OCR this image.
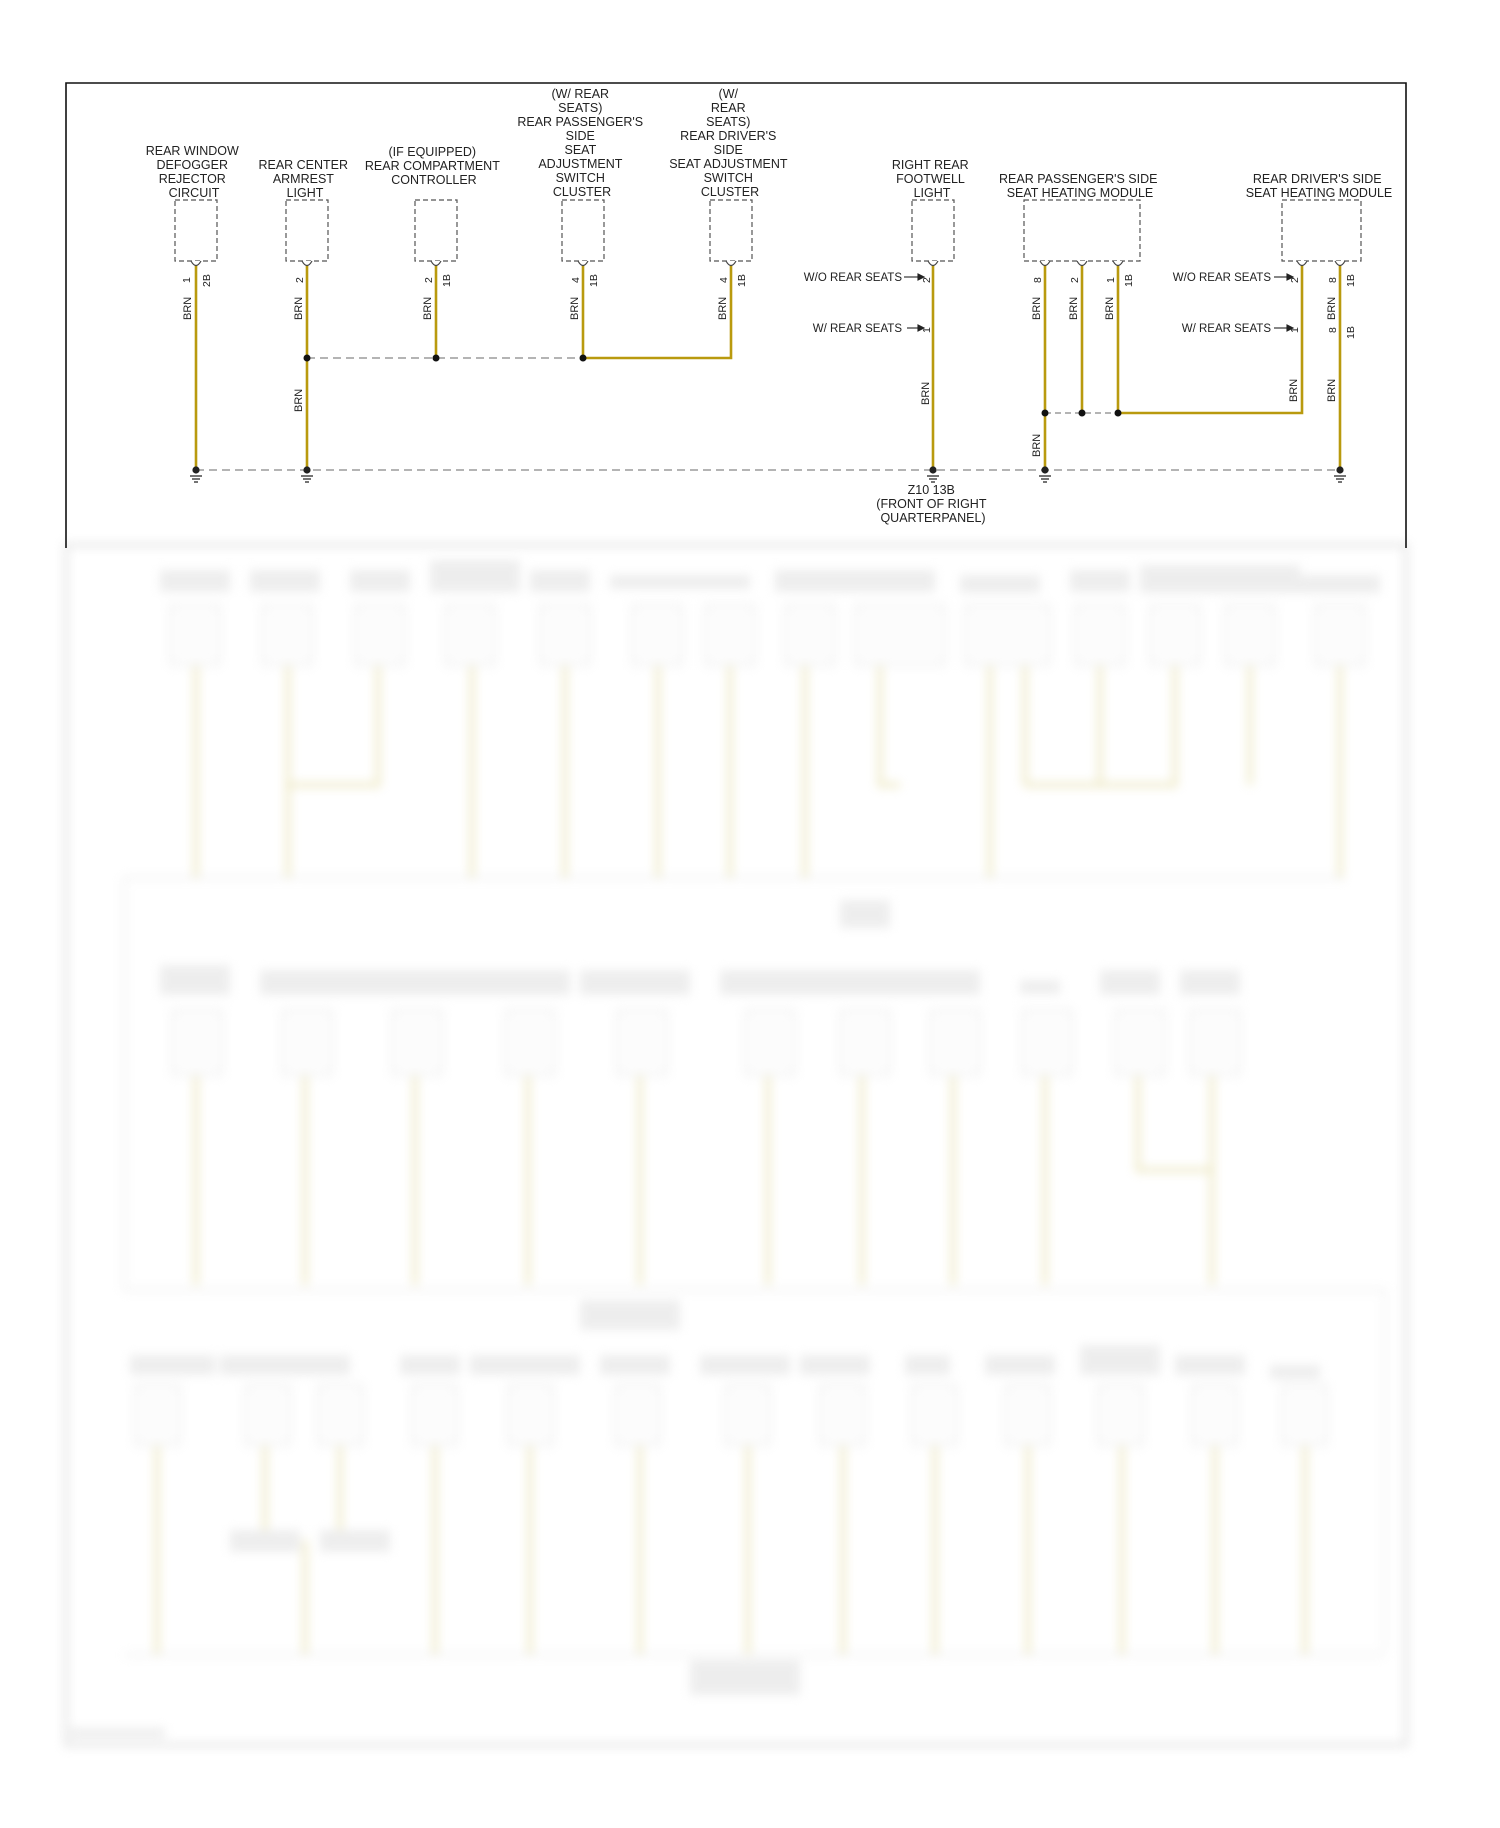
REAR WINDOW DEFOGGER REJECTOR CIRCUIT
REAR CENTER ARMREST LIGHT
(IF EQUIPPED) REAR COMPARTMENT CONTROLLER
(W/ REAR SEATS) REAR PASSENGER'S SIDE SEAT ADJUSTMENT SWITCH CLUSTER
(W/ REAR SEATS) REAR DRIVER'S SIDE SEAT ADJUSTMENT SWITCH CLUSTER
RIGHT REAR FOOTWELL LIGHT
REAR PASSENGER'S SIDE SEAT HEATING MODULE
REAR DRIVER'S SIDE SEAT HEATING MODULE
1 2B	2	2 1B	4 1B	4 1B	2
1
8 2 1 1B	2 8 1B
1 8 1B
BRN	BRN
BRN
BRN	BRN	BRN
BRN
BRN BRN BRN
BRN
BRN
BRN
BRN
W/O REAR SEATS
W/ REAR SEATS
W/O REAR SEATS
W/ REAR SEATS
Z10 13B (FRONT OF RIGHT QUARTERPANEL)
